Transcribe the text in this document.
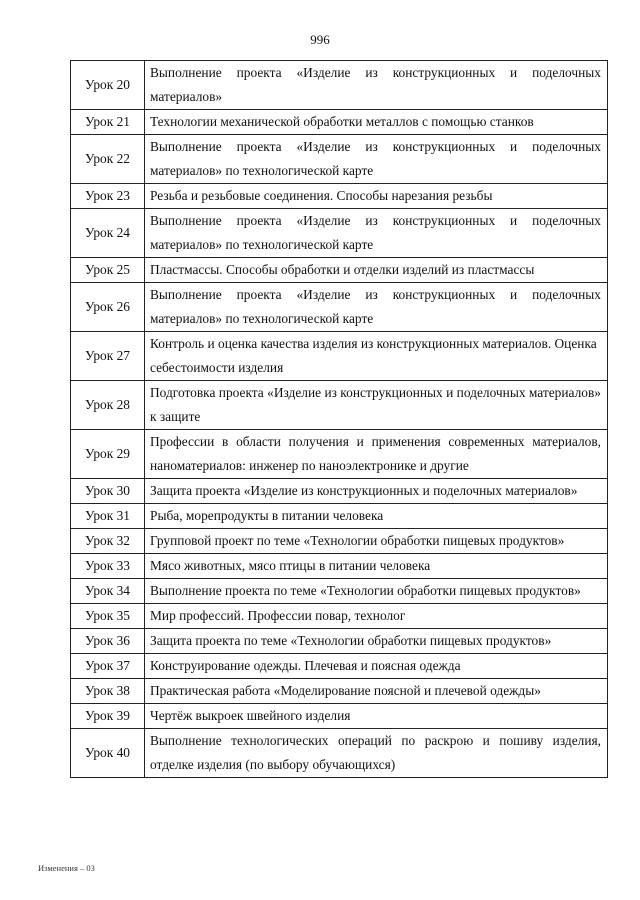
996
Урок 20	Выполнение проекта «Изделие из конструкционных и поделочных материалов»
Урок 21	Технологии механической обработки металлов с помощью станков
Урок 22	Выполнение проекта «Изделие из конструкционных и поделочных материалов» по технологической карте
Урок 23	Резьба и резьбовые соединения. Способы нарезания резьбы
Урок 24	Выполнение проекта «Изделие из конструкционных и поделочных материалов» по технологической карте
Урок 25	Пластмассы. Способы обработки и отделки изделий из пластмассы
Урок 26	Выполнение проекта «Изделие из конструкционных и поделочных материалов» по технологической карте
Урок 27	Контроль и оценка качества изделия из конструкционных материалов. Оценка себестоимости изделия
Урок 28	Подготовка проекта «Изделие из конструкционных и поделочных материалов» к защите
Урок 29	Профессии в области получения и применения современных материалов, наноматериалов: инженер по наноэлектронике и другие
Урок 30	Защита проекта «Изделие из конструкционных и поделочных материалов»
Урок 31	Рыба, морепродукты в питании человека
Урок 32	Групповой проект по теме «Технологии обработки пищевых продуктов»
Урок 33	Мясо животных, мясо птицы в питании человека
Урок 34	Выполнение проекта по теме «Технологии обработки пищевых продуктов»
Урок 35	Мир профессий. Профессии повар, технолог
Урок 36	Защита проекта по теме «Технологии обработки пищевых продуктов»
Урок 37	Конструирование одежды. Плечевая и поясная одежда
Урок 38	Практическая работа «Моделирование поясной и плечевой одежды»
Урок 39	Чертёж выкроек швейного изделия
Урок 40	Выполнение технологических операций по раскрою и пошиву изделия, отделке изделия (по выбору обучающихся)
Изменения – 03
